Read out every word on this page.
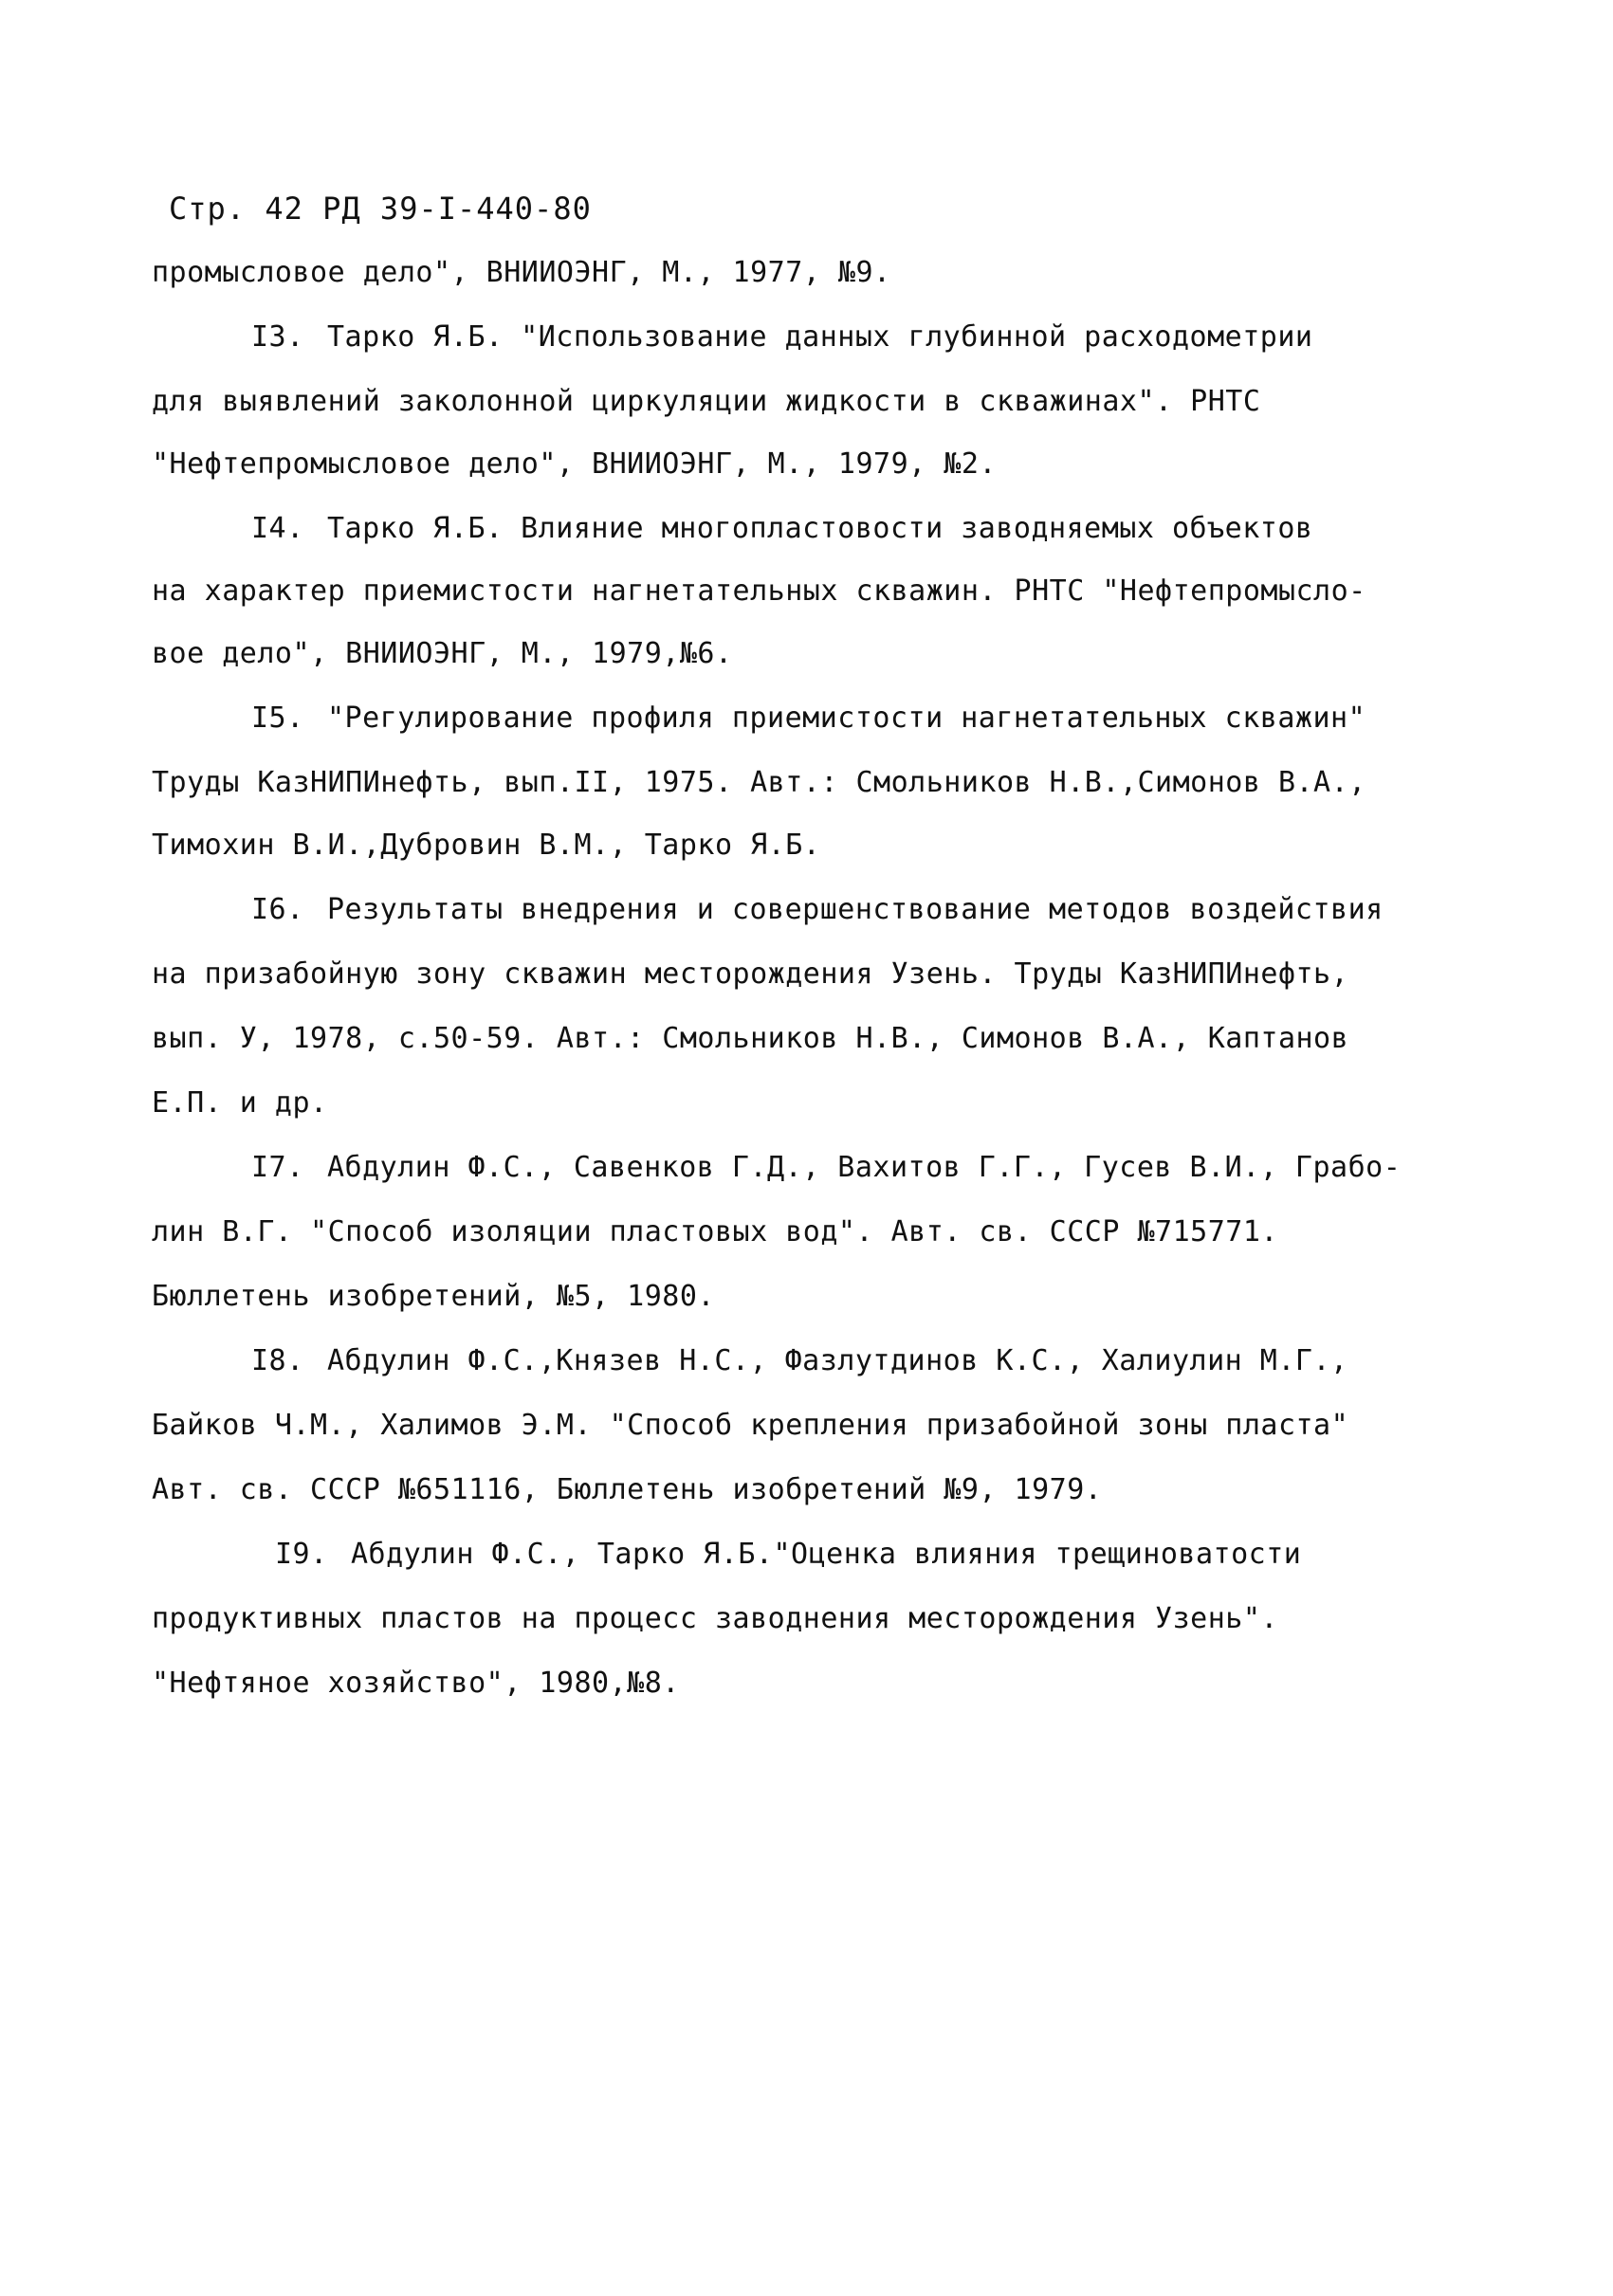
Стр. 42 РД 39-I-440-80
промысловое дело", ВНИИОЭНГ, М., 1977, №9.
I3. Тарко Я.Б. "Использование данных глубинной расходометрии
для выявлений заколонной циркуляции жидкости в скважинах". РНТС
"Нефтепромысловое дело", ВНИИОЭНГ, М., 1979, №2.
I4. Тарко Я.Б. Влияние многопластовости заводняемых объектов
на характер приемистости нагнетательных скважин. РНТС "Нефтепромысло-
вое дело", ВНИИОЭНГ, М., 1979,№6.
I5. "Регулирование профиля приемистости нагнетательных скважин"
Труды КазНИПИнефть, вып.II, 1975. Авт.: Смольников Н.В.,Симонов В.А.,
Тимохин В.И.,Дубровин В.М., Тарко Я.Б.
I6. Результаты внедрения и совершенствование методов воздействия
на призабойную зону скважин месторождения Узень. Труды КазНИПИнефть,
вып. У, 1978, с.50-59. Авт.: Смольников Н.В., Симонов В.А., Каптанов
Е.П. и др.
I7. Абдулин Ф.С., Савенков Г.Д., Вахитов Г.Г., Гусев В.И., Грабо-
лин В.Г. "Способ изоляции пластовых вод". Авт. св. СССР №715771.
Бюллетень изобретений, №5, 1980.
I8. Абдулин Ф.С.,Князев Н.С., Фазлутдинов К.С., Халиулин М.Г.,
Байков Ч.М., Халимов Э.М. "Способ крепления призабойной зоны пласта"
Авт. св. СССР №651116, Бюллетень изобретений №9, 1979.
I9. Абдулин Ф.С., Тарко Я.Б."Оценка влияния трещиноватости
продуктивных пластов на процесс заводнения месторождения Узень".
"Нефтяное хозяйство", 1980,№8.
